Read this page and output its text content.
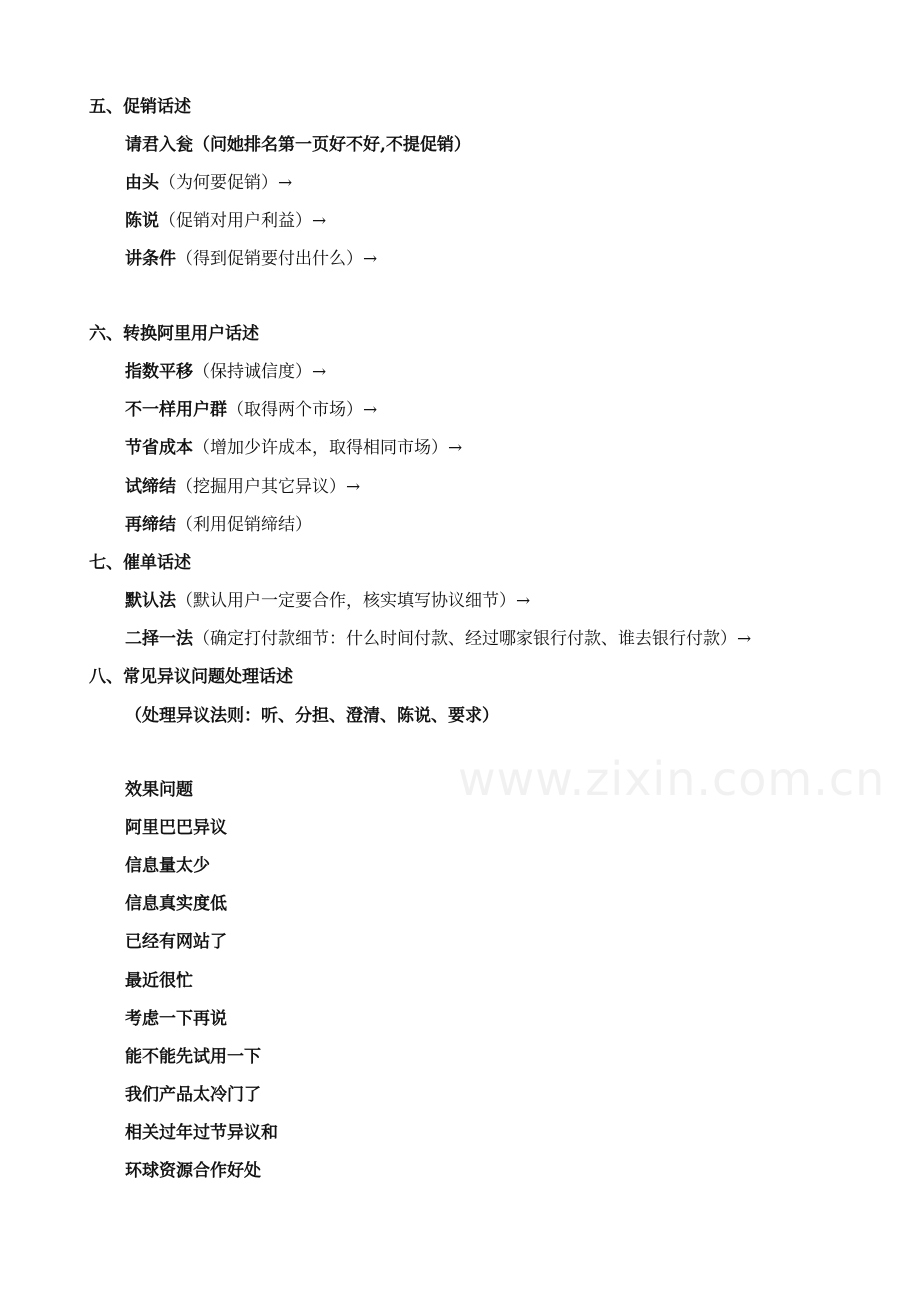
五、促销话述
请君入瓮（问她排名第一页好不好,不提促销）
由头（为何要促销）→
陈说（促销对用户利益）→
讲条件（得到促销要付出什么）→
六、转换阿里用户话述
指数平移（保持诚信度）→
不一样用户群（取得两个市场）→
节省成本（增加少许成本，取得相同市场）→
试缔结（挖掘用户其它异议）→
再缔结（利用促销缔结）
七、催单话述
默认法（默认用户一定要合作，核实填写协议细节）→
二择一法（确定打付款细节：什么时间付款、经过哪家银行付款、谁去银行付款）→
八、常见异议问题处理话述
（处理异议法则：听、分担、澄清、陈说、要求）
效果问题
阿里巴巴异议
信息量太少
信息真实度低
已经有网站了
最近很忙
考虑一下再说
能不能先试用一下
我们产品太冷门了
相关过年过节异议和
环球资源合作好处
www.zixin.com.cn
